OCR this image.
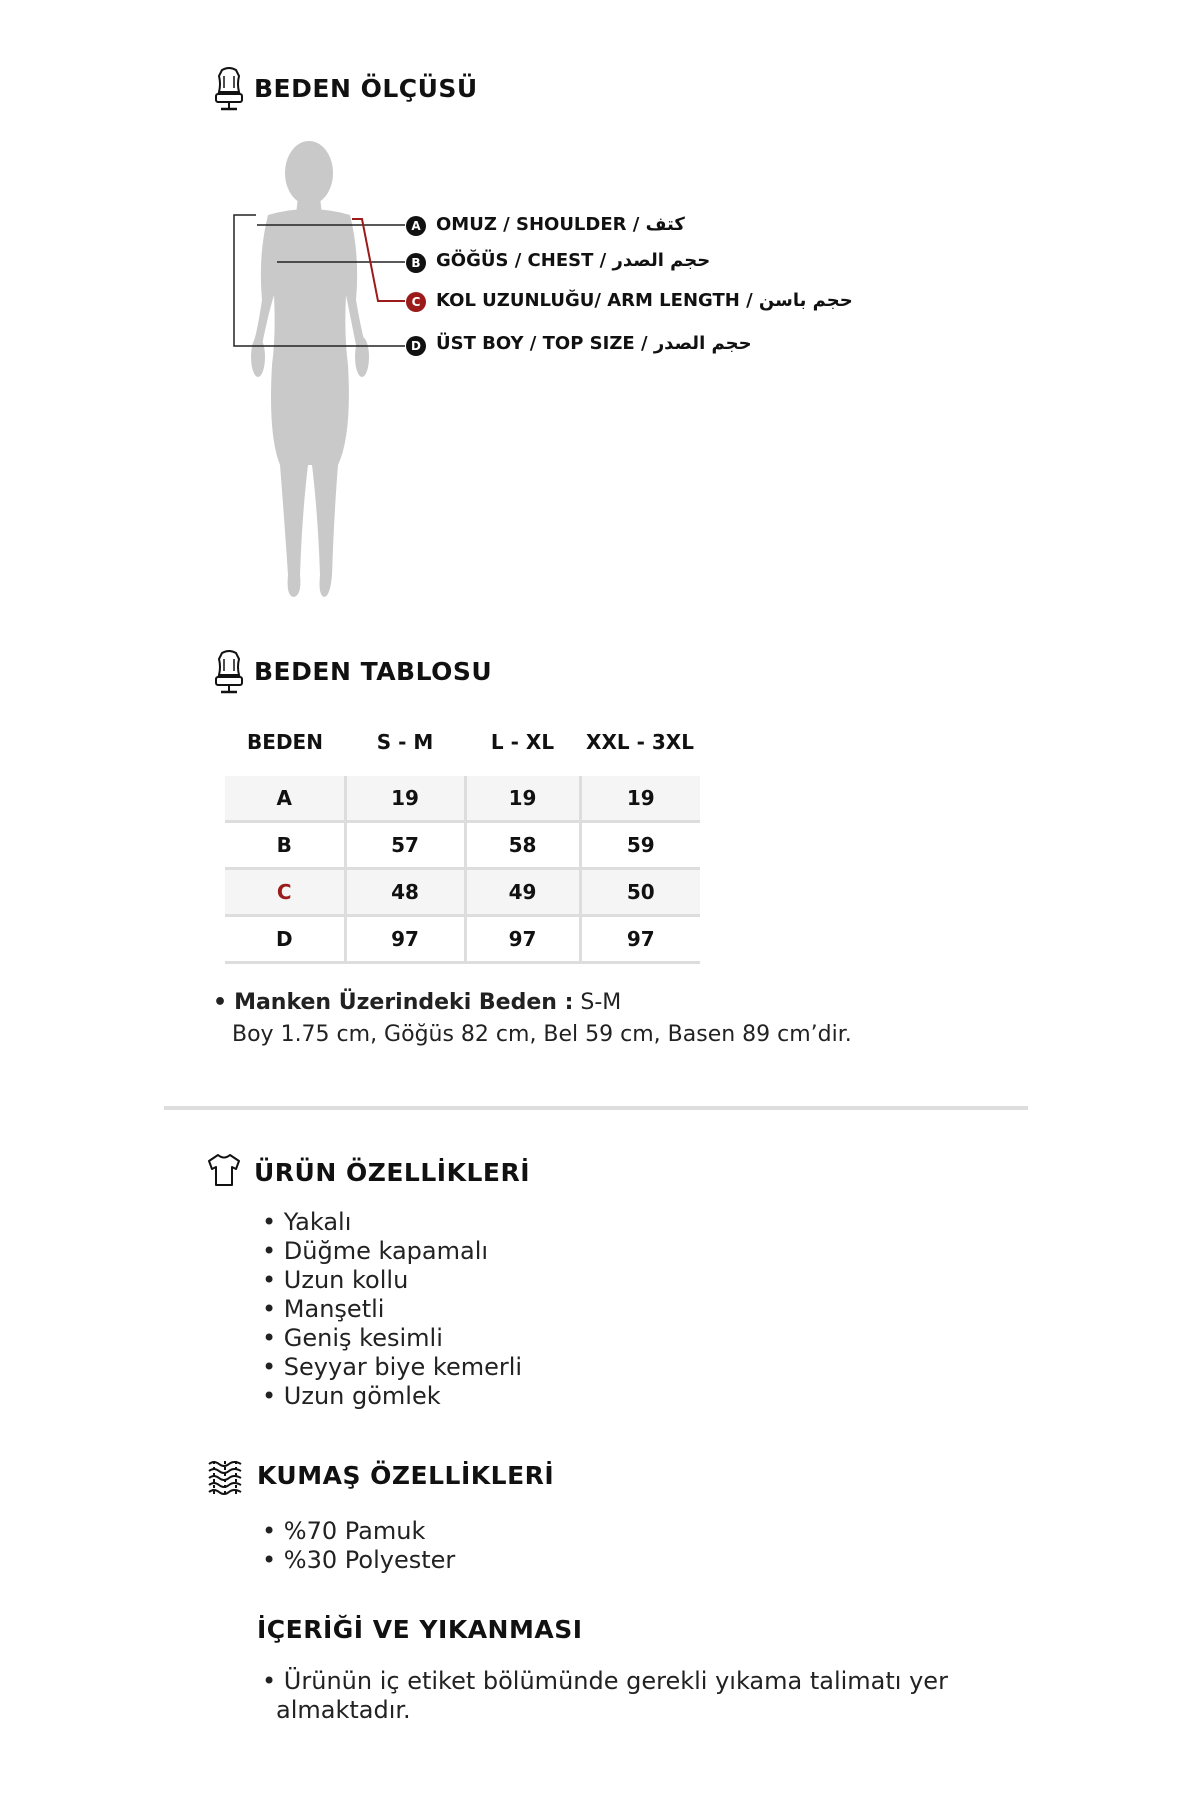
BEDEN ÖLÇÜSÜ
A OMUZ / SHOULDER / كتف
B GÖĞÜS / CHEST / حجم الصدر
C KOL UZUNLUĞU/ ARM LENGTH / حجم باسن
D ÜST BOY / TOP SIZE / حجم الصدر
BEDEN TABLOSU
BEDEN	S - M	L - XL	XXL - 3XL

A	19	19	19
B	57	58	59
C	48	49	50
D	97	97	97
• Manken Üzerindeki Beden : S-M
Boy 1.75 cm, Göğüs 82 cm, Bel 59 cm, Basen 89 cm’dir.
ÜRÜN ÖZELLİKLERİ
• Yakalı
• Düğme kapamalı
• Uzun kollu
• Manşetli
• Geniş kesimli
• Seyyar biye kemerli
• Uzun gömlek
KUMAŞ ÖZELLİKLERİ
• %70 Pamuk
• %30 Polyester
İÇERİĞİ VE YIKANMASI
• Ürünün iç etiket bölümünde gerekli yıkama talimatı yer
almaktadır.
